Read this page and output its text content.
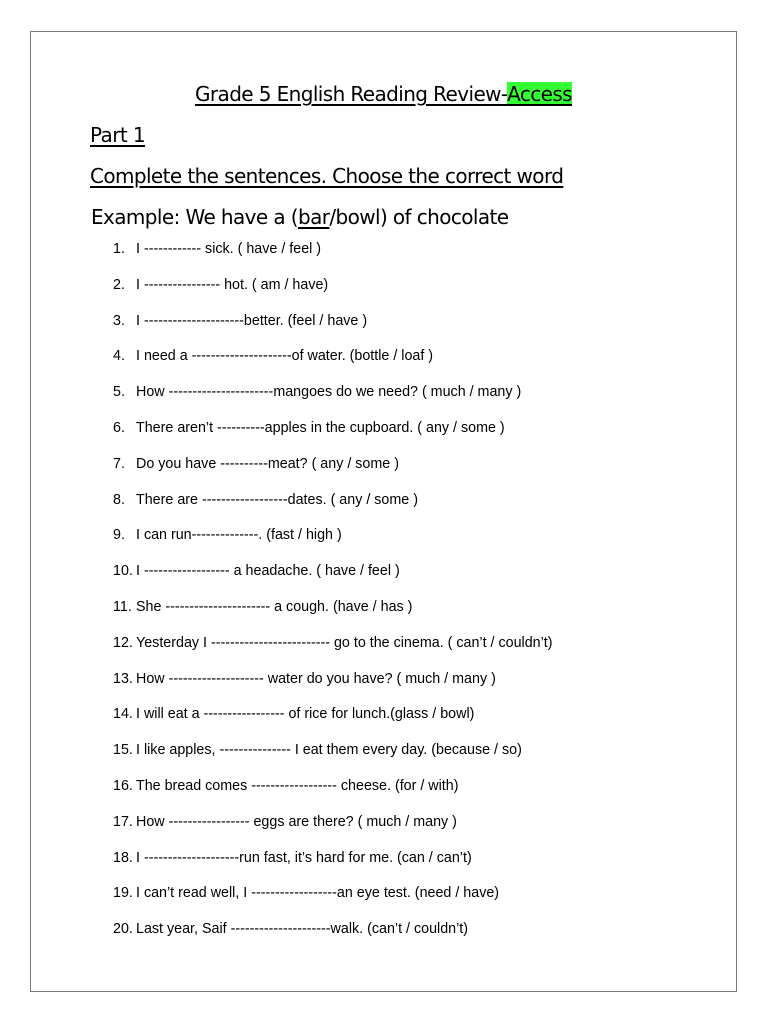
Grade 5 English Reading Review-Access
Part 1
Complete the sentences. Choose the correct word
Example: We have a (bar/bowl) of chocolate
1. I ------------ sick. ( have / feel )
2. I ---------------- hot. ( am / have)
3. I ---------------------better. (feel / have )
4. I need a ---------------------of water. (bottle / loaf )
5. How ----------------------mangoes do we need? ( much / many )
6. There aren’t ----------apples in the cupboard. ( any / some )
7. Do you have ----------meat? ( any / some )
8. There are ------------------dates. ( any / some )
9. I can run--------------. (fast / high )
10. I ------------------ a headache. ( have / feel )
11. She ---------------------- a cough. (have / has )
12. Yesterday I ------------------------- go to the cinema. ( can’t / couldn’t)
13. How -------------------- water do you have? ( much / many )
14. I will eat a ----------------- of rice for lunch.(glass / bowl)
15. I like apples, --------------- I eat them every day. (because / so)
16. The bread comes ------------------ cheese. (for / with)
17. How ----------------- eggs are there? ( much / many )
18. I --------------------run fast, it’s hard for me. (can / can’t)
19. I can’t read well, I ------------------an eye test. (need / have)
20. Last year, Saif ---------------------walk. (can’t / couldn’t)
